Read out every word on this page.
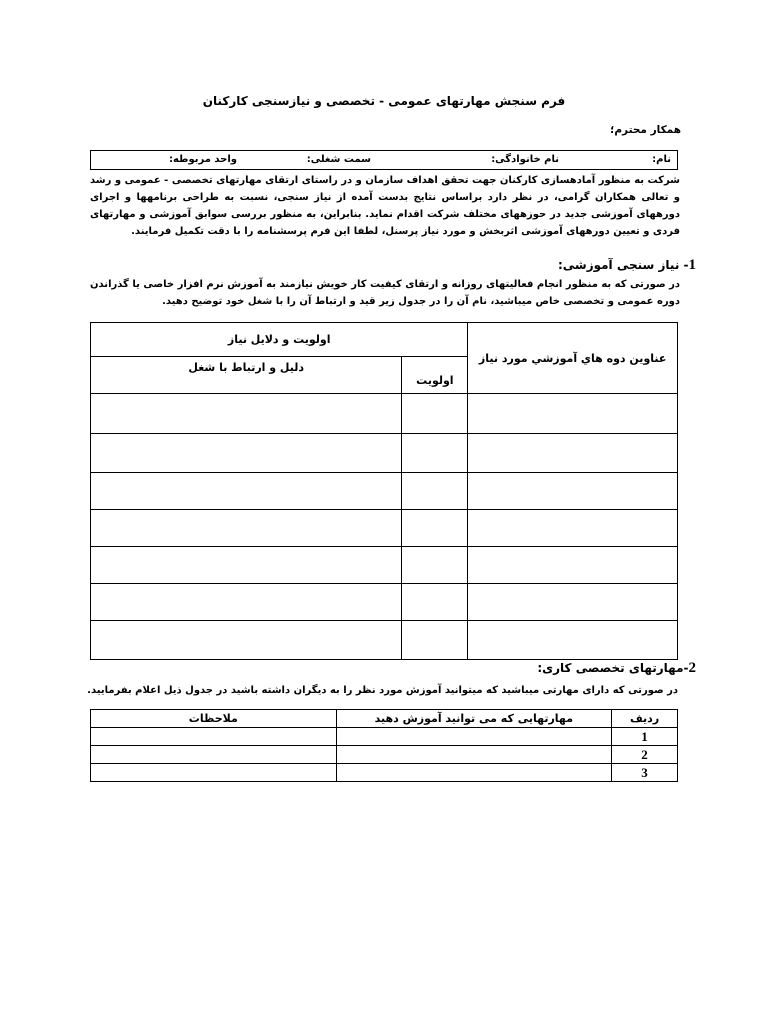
فرم سنجش مهارتهای عمومی - تخصصی و نیازسنجی کارکنان
همکار محترم؛
نام:
نام خانوادگی:
سمت شغلی:
واحد مربوطه:
شرکت به منظور آمادهسازی کارکنان جهت تحقق اهداف سازمان و در راستای ارتقای مهارتهای تخصصی - عمومی و رشد و تعالی همکاران گرامی، در نظر دارد براساس نتایج بدست آمده از نیاز سنجی، نسبت به طراحی برنامهها و اجرای دورههای آموزشی جدید در حوزههای مختلف شرکت اقدام نماید. بنابراین، به منظور بررسی سوابق آموزشی و مهارتهای فردی و تعیین دورههای آموزشی اثربخش و مورد نیاز پرسنل، لطفا این فرم پرسشنامه را با دقت تکمیل فرمایند.
1- نیاز سنجی آموزشی:
در صورتی که به منظور انجام فعالیتهای روزانه و ارتقای کیفیت کار خویش نیازمند به آموزش نرم افزار خاصی یا گذراندن دوره عمومی و تخصصی خاص میباشید، نام آن را در جدول زیر قید و ارتباط آن را با شغل خود توضیح دهید.
عناوين دوه هاي آموزشي مورد نياز	اولویت و دلایل نیاز	
	اولویت	دلیل و ارتباط با شغل

2-مهارتهای تخصصی کاری:
در صورتی که دارای مهارتی میباشید که میتوانید آموزش مورد نظر را به دیگران داشته باشید در جدول ذیل اعلام بفرمایید.
ردیف	مهارتهایی که می توانید آموزش دهید	ملاحظات
1		
2		
3		
